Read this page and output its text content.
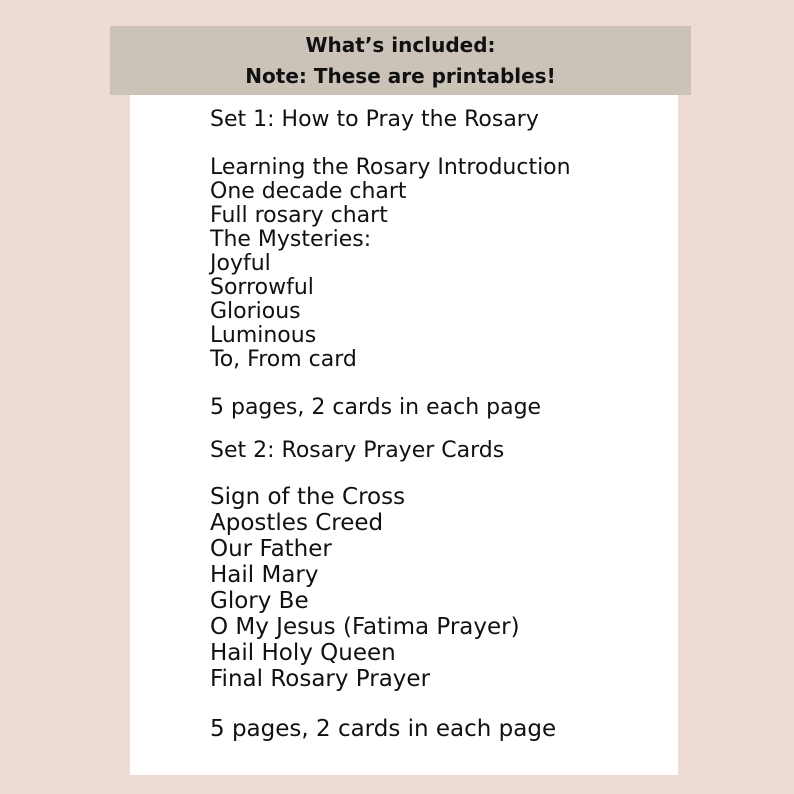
What’s included:
Note: These are printables!
Set 1: How to Pray the Rosary
Learning the Rosary Introduction
One decade chart
Full rosary chart
The Mysteries:
Joyful
Sorrowful
Glorious
Luminous
To, From card
5 pages, 2 cards in each page
Set 2: Rosary Prayer Cards
Sign of the Cross
Apostles Creed
Our Father
Hail Mary
Glory Be
O My Jesus (Fatima Prayer)
Hail Holy Queen
Final Rosary Prayer
5 pages, 2 cards in each page
